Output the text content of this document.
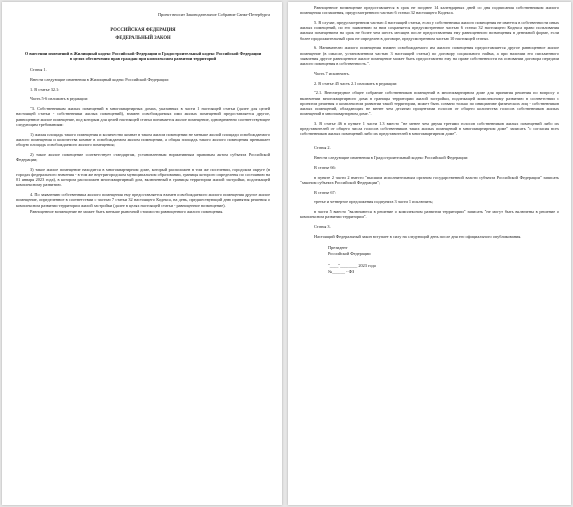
Проект вносит Законодательное Собрание Санкт-Петербурга

РОССИЙСКАЯ ФЕДЕРАЦИЯ

ФЕДЕРАЛЬНЫЙ ЗАКОН

О внесении изменений в Жилищный кодекс Российской Федерации и Градостроительный кодекс Российской Федерации в целях обеспечения прав граждан при комплексном развитии территорий

Статья 1.

Внести следующие изменения в Жилищный кодекс Российской Федерации:

1. В статье 32.1:

Часть 5-6 изложить в редакции:

"3. Собственникам жилых помещений в многоквартирных домах, указанных в части 1 настоящей статьи (далее для целей настоящей статьи - собственники жилых помещений), взамен освобождаемых ими жилых помещений предоставляется другое, равноценное жилое помещение, под которым для целей настоящей статьи понимается жилое помещение, одновременно соответствующее следующим требованиям:

1) жилая площадь такого помещения и количество комнат в таком жилом помещении не меньше жилой площади освобождаемого жилого помещения и количества комнат в освобождаемом жилом помещении, а общая площадь такого жилого помещения превышает общую площадь освобождаемого жилого помещения;

2) такое жилое помещение соответствует стандартам, установленным нормативным правовым актом субъекта Российской Федерации;

3) такое жилое помещение находится в многоквартирном доме, который расположен в том же поселении, городском округе (в городах федерального значения - в том же внутригородском муниципальном образовании, границы которого определены по состоянию на 01 января 2023 года), в котором расположен многоквартирный дом, включенный в границы территории жилой застройки, подлежащей комплексному развитию.

4. По заявлению собственника жилого помещения ему предоставляется взамен освобождаемого жилого помещения другое жилое помещение, определенное в соответствии с частью 7 статьи 32 настоящего Кодекса, на день, предшествующий дню принятия решения о комплексном развитии территории жилой застройки (далее в целях настоящей статьи - равноценное возмещение).

Равноценное возмещение не может быть меньше рыночной стоимости равноценного жилого помещения.

Равноценное возмещение предоставляется в срок не позднее 14 календарных дней со дня подписания собственником жилого помещения соглашения, предусмотренного частью 6 статьи 32 настоящего Кодекса.

5. В случае, предусмотренном частью 4 настоящей статьи, если у собственника жилого помещения не имеется в собственности иных жилых помещений, по его заявлению за ним сохраняется предусмотренное частью 6 статьи 32 настоящего Кодекса право пользования жилым помещением на срок не более чем шесть месяцев после предоставления ему равноценного возмещения в денежной форме, если более продолжительный срок не определен в договоре, предусмотренном частью 10 настоящей статьи.

6. Нанимателю жилого помещения взамен освобождаемого им жилого помещения предоставляется другое равноценное жилое помещение (в смысле, установленном частью 3 настоящей статьи) по договору социального найма, а при наличии его письменного заявления другое равноценное жилое помещение может быть предоставлено ему на праве собственности на основании договора передачи жилого помещения в собственность.".

Часть 7 исключить.

2. В статье 45 часть 2.1 изложить в редакции:

"2.1. Внеочередное общее собрание собственников помещений в многоквартирном доме для принятия решения по вопросу о включении многоквартирного дома в границы территории жилой застройки, подлежащей комплексному развитию в соответствии с проектом решения о комплексном развитии такой территории, может быть созвано только по инициативе физических лиц - собственников жилых помещений, обладающих не менее чем десятью процентами голосов от общего количества голосов собственников жилых помещений в многоквартирном доме.".

3. В статье 46 в пункте 1 части 1.3 вместо "не менее чем двумя третями голосов собственников жилых помещений либо их представителей от общего числа голосов собственников таких жилых помещений в многоквартирном доме" записать "с согласия всех собственников жилых помещений либо их представителей в многоквартирном доме".

Статья 2.

Внести следующие изменения в Градостроительный кодекс Российской Федерации:

В статье 66:

в пункте 2 части 2 вместо "высшим исполнительным органом государственной власти субъекта Российской Федерации" записать "законом субъекта Российской Федерации";

В статье 67:

третье и четвертое предложения подпункта 3 части 1 исключить;

в части 5 вместо "включаются в решение о комплексном развитии территории" записать "не могут быть включены в решение о комплексном развитии территории".

Статья 3.

Настоящий Федеральный закон вступает в силу на следующий день после дня его официального опубликования.

Президент
Российской Федерации
"____"________ 2023 года
№______ - ФЗ
